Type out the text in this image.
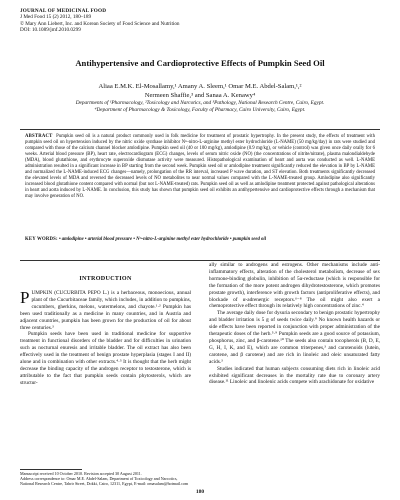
JOURNAL OF MEDICINAL FOOD
J Med Food 15 (2) 2012, 180–189
© Mary Ann Liebert, Inc. and Korean Society of Food Science and Nutrition
DOI: 10.1089/jmf.2010.0299
Antihypertensive and Cardioprotective Effects of Pumpkin Seed Oil
Aliaa E.M.K. El-Mosallamy,¹ Amany A. Sleem,¹ Omar M.E. Abdel-Salam,¹,²
Nermeen Shaffie,³ and Sanaa A. Kenawy⁴
Departments of ¹Pharmacology, ²Toxicology and Narcotics, and ³Pathology, National Research Centre, Cairo, Egypt.
⁴Department of Pharmacology & Toxicology, Faculty of Pharmacy, Cairo University, Cairo, Egypt.

ABSTRACT Pumpkin seed oil is a natural product commonly used in folk medicine for treatment of prostatic hypertrophy. In the present study, the effects of treatment with pumpkin seed oil on hypertension induced by the nitric oxide synthase inhibitor Nᴳ-nitro-L-arginine methyl ester hydrochloride (L-NAME) (50 mg/kg/day) in rats were studied and compared with those of the calcium channel blocker amlodipine. Pumpkin seed oil (40 or 100 mg/kg), amlodipine (0.9 mg/kg), or vehicle (control) was given once daily orally for 6 weeks. Arterial blood pressure (BP), heart rate, electrocardiogram (ECG) changes, levels of serum nitric oxide (NO) (the concentrations of nitrite/nitrate), plasma malondialdehyde (MDA), blood glutathione, and erythrocyte superoxide dismutase activity were measured. Histopathological examination of heart and aorta was conducted as well. L-NAME administration resulted in a significant increase in BP starting from the second week. Pumpkin seed oil or amlodipine treatment significantly reduced the elevation in BP by L-NAME and normalized the L-NAME-induced ECG changes—namely, prolongation of the RR interval, increased P wave duration, and ST elevation. Both treatments significantly decreased the elevated levels of MDA and reversed the decreased levels of NO metabolites to near normal values compared with the L-NAME-treated group. Amlodipine also significantly increased blood glutathione content compared with normal (but not L-NAME-treated) rats. Pumpkin seed oil as well as amlodipine treatment protected against pathological alterations in heart and aorta induced by L-NAME. In conclusion, this study has shown that pumpkin seed oil exhibits an antihypertensive and cardioprotective effects through a mechanism that may involve generation of NO.

KEY WORDS: • amlodipine • arterial blood pressure • Nᴳ-nitro-L-arginine methyl ester hydrochloride • pumpkin seed oil
INTRODUCTION

PUMPKIN (CUCURBITA PEPO L.) is a herbaceous, monoecious, annual plant of the Cucurbitaceae family, which includes, in addition to pumpkins, cucumbers, gherkins, melons, watermelons, and chayote.¹·² Pumpkin has been used traditionally as a medicine in many countries, and in Austria and adjacent countries, pumpkin has been grown for the production of oil for about three centuries.³

Pumpkin seeds have been used in traditional medicine for supportive treatment in functional disorders of the bladder and for difficulties in urination such as nocturnal enuresis and irritable bladder. The oil extract has also been effectively used in the treatment of benign prostate hyperplasia (stages I and II) alone and in combination with other extracts.⁴·⁵ It is thought that the herb might decrease the binding capacity of the androgen receptor to testosterone, which is attributable to the fact that pumpkin seeds contain phytosterols, which are structur-

ally similar to androgens and estrogens. Other mechanisms include anti-inflammatory effects, alteration of the cholesterol metabolism, decrease of sex hormone-binding globulin, inhibition of 5α-reductase (which is responsible for the formation of the more potent androgen dihydrotestosterone, which promotes prostate growth), interference with growth factors (antiproliferative effects), and blockade of α-adrenergic receptors.⁶⁻⁸ The oil might also exert a chemoprotective effect through its relatively high concentrations of zinc.⁴

The average daily dose for dysuria secondary to benign prostatic hypertrophy and bladder irritation is 5 g of seeds twice daily.⁹ No known health hazards or side effects have been reported in conjunction with proper administration of the therapeutic doses of the herb.⁵·⁹ Pumpkin seeds are a good source of potassium, phosphorus, zinc, and β-carotene.¹⁰ The seeds also contain tocopherols (B, D, E, G, H, I, K, and E), which are common triterpenes,³ and carotenoids (lutein, carotene, and β carotene) and are rich in linoleic and oleic unsaturated fatty acids.³

Studies indicated that human subjects consuming diets rich in linoleic acid exhibited significant decreases in the mortality rate due to coronary artery disease.¹¹ Linoleic and linolenic acids compete with arachidonate for oxidative

Manuscript received 10 October 2010. Revision accepted 30 August 2011.

Address correspondence to: Omar M.E. Abdel-Salam, Department of Toxicology and Narcotics, National Research Centre, Tahrir Street, Dokki, Cairo, 12311, Egypt, E-mail: omasalam@hotmail.com

180
